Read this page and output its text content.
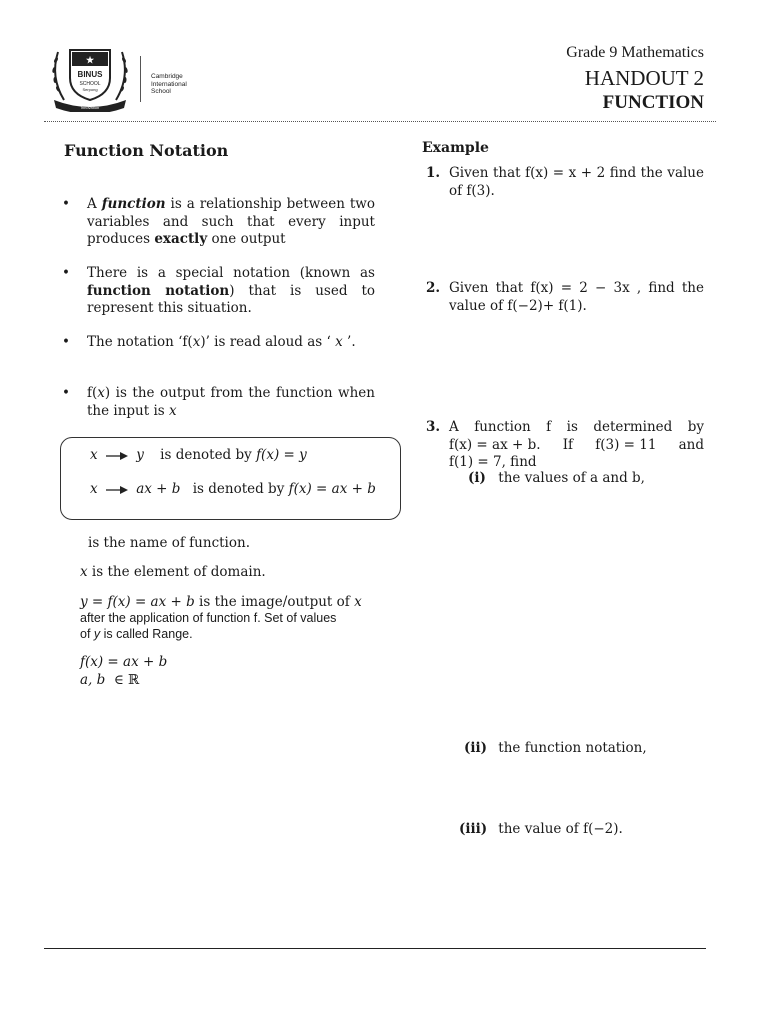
★
BINUS
SCHOOL
Serpong
Innovation
Cambridge
International
School
Grade 9 Mathematics
HANDOUT 2
FUNCTION
Function Notation
• A function is a relationship between two variables and such that every input produces exactly one output
• There is a special notation (known as function notation) that is used to represent this situation.
• The notation ‘f(x)’ is read aloud as ‘ x ’.
• f(x) is the output from the function when the input is x
x	y is denoted by f(x) = y
x	ax + b is denoted by f(x) = ax + b
is the name of function.
x is the element of domain.
y = f(x) = ax + b is the image/output of x
after the application of function f. Set of values
of y is called Range.
f(x) = ax + b
a, b ∈ ℝ
Example
1. Given that f(x) = x + 2 find the value of f(3).
2. Given that f(x) = 2 − 3x , find the value of f(−2)+ f(1).
3. A function f is determined by
f(x) = ax + b. If f(3) = 11 and
f(1) = 7, find
(i) the values of a and b,
(ii) the function notation,
(iii) the value of f(−2).
